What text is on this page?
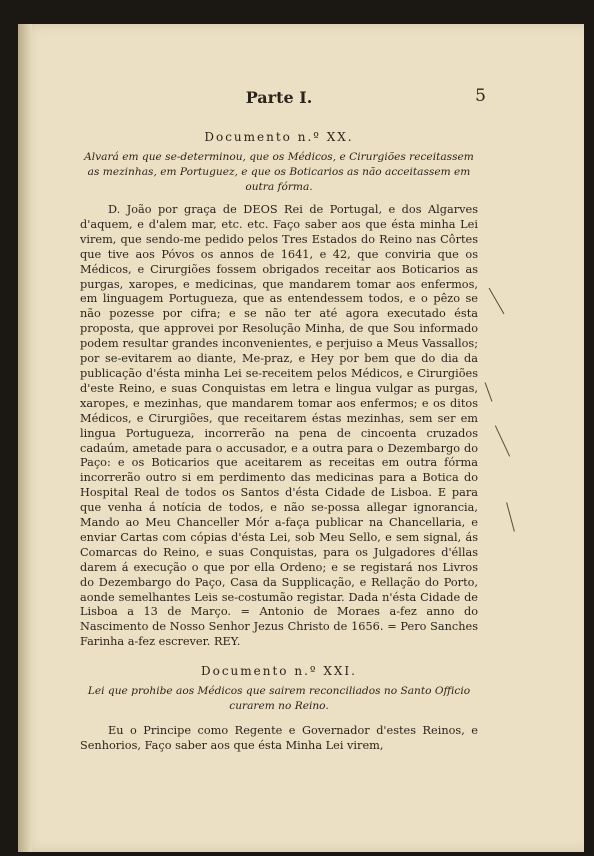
Parte I.	5
Documento n.º XX.
Alvará em que se-determinou, que os Médicos, e Cirurgiões receitassem as mezinhas, em Portuguez, e que os Boticarios as não acceitassem em outra fórma.

D. João por graça de DEOS Rei de Portugal, e dos Algarves d'aquem, e d'alem mar, etc. etc. Faço saber aos que ésta minha Lei virem, que sendo-me pedido pelos Tres Estados do Reino nas Côrtes que tive aos Póvos os annos de 1641, e 42, que conviria que os Médicos, e Cirurgiões fossem obrigados receitar aos Boticarios as purgas, xaropes, e medicinas, que mandarem tomar aos enfermos, em linguagem Portugueza, que as entendessem todos, e o pêzo se não pozesse por cifra; e se não ter até agora executado ésta proposta, que approvei por Resolução Minha, de que Sou informado podem resultar grandes inconvenientes, e perjuiso a Meus Vassallos; por se-evitarem ao diante, Me-praz, e Hey por bem que do dia da publicação d'ésta minha Lei se-receitem pelos Médicos, e Cirurgiões d'este Reino, e suas Conquistas em letra e lingua vulgar as purgas, xaropes, e mezinhas, que mandarem tomar aos enfermos; e os ditos Médicos, e Cirurgiões, que receitarem éstas mezinhas, sem ser em lingua Portugueza, incorrerão na pena de cincoenta cruzados cadaúm, ametade para o accusador, e a outra para o Dezembargo do Paço: e os Boticarios que aceitarem as receitas em outra fórma incorrerão outro si em perdimento das medicinas para a Botica do Hospital Real de todos os Santos d'ésta Cidade de Lisboa. E para que venha á notícia de todos, e não se-possa allegar ignorancia, Mando ao Meu Chanceller Mór a-faça publicar na Chancellaria, e enviar Cartas com cópias d'ésta Lei, sob Meu Sello, e sem signal, ás Comarcas do Reino, e suas Conquistas, para os Julgadores d'éllas darem á execução o que por ella Ordeno; e se registará nos Livros do Dezembargo do Paço, Casa da Supplicação, e Rellação do Porto, aonde semelhantes Leis se-costumão registar. Dada n'ésta Cidade de Lisboa a 13 de Março. = Antonio de Moraes a-fez anno do Nascimento de Nosso Senhor Jezus Christo de 1656. = Pero Sanches Farinha a-fez escrever. REY.

Documento n.º XXI.
Lei que prohibe aos Médicos que sairem reconciliados no Santo Officio curarem no Reino.

Eu o Principe como Regente e Governador d'estes Reinos, e Senhorios, Faço saber aos que ésta Minha Lei virem,
